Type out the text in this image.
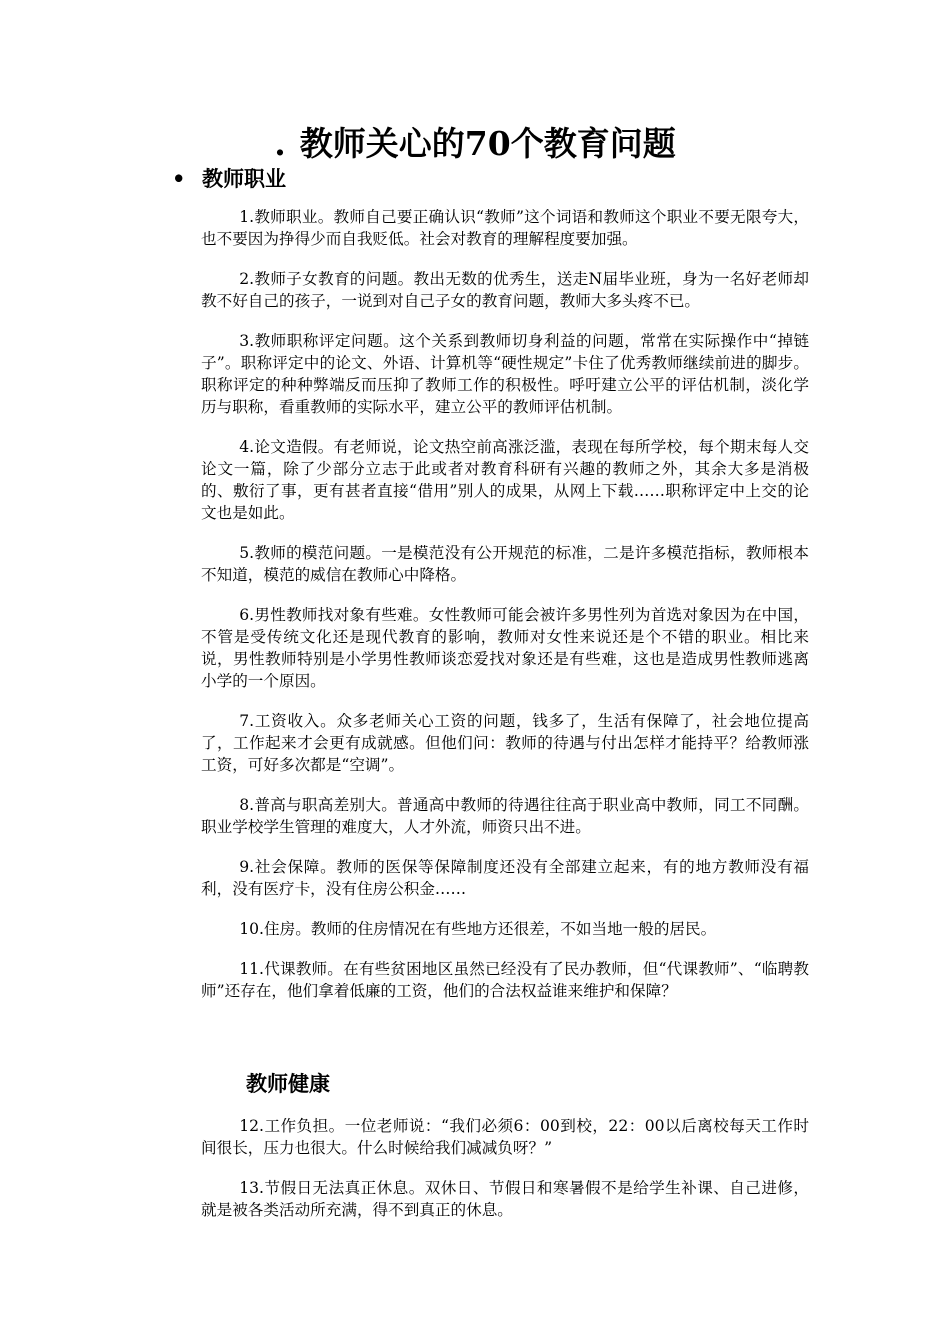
. 教师关心的70个教育问题
• 教师职业

1.教师职业。教师自己要正确认识“教师”这个词语和教师这个职业不要无限夸大，也不要因为挣得少而自我贬低。社会对教育的理解程度要加强。

2.教师子女教育的问题。教出无数的优秀生，送走N届毕业班，身为一名好老师却教不好自己的孩子，一说到对自己子女的教育问题，教师大多头疼不已。

3.教师职称评定问题。这个关系到教师切身利益的问题，常常在实际操作中“掉链子”。职称评定中的论文、外语、计算机等“硬性规定”卡住了优秀教师继续前进的脚步。职称评定的种种弊端反而压抑了教师工作的积极性。呼吁建立公平的评估机制，淡化学历与职称，看重教师的实际水平，建立公平的教师评估机制。

4.论文造假。有老师说，论文热空前高涨泛滥，表现在每所学校，每个期末每人交论文一篇，除了少部分立志于此或者对教育科研有兴趣的教师之外，其余大多是消极的、敷衍了事，更有甚者直接“借用”别人的成果，从网上下载……职称评定中上交的论文也是如此。

5.教师的模范问题。一是模范没有公开规范的标准，二是许多模范指标，教师根本不知道，模范的威信在教师心中降格。

6.男性教师找对象有些难。女性教师可能会被许多男性列为首选对象因为在中国，不管是受传统文化还是现代教育的影响，教师对女性来说还是个不错的职业。相比来说，男性教师特别是小学男性教师谈恋爱找对象还是有些难，这也是造成男性教师逃离小学的一个原因。

7.工资收入。众多老师关心工资的问题，钱多了，生活有保障了，社会地位提高了，工作起来才会更有成就感。但他们问：教师的待遇与付出怎样才能持平？给教师涨工资，可好多次都是“空调”。

8.普高与职高差别大。普通高中教师的待遇往往高于职业高中教师，同工不同酬。职业学校学生管理的难度大，人才外流，师资只出不进。

9.社会保障。教师的医保等保障制度还没有全部建立起来，有的地方教师没有福利，没有医疗卡，没有住房公积金……

10.住房。教师的住房情况在有些地方还很差，不如当地一般的居民。

11.代课教师。在有些贫困地区虽然已经没有了民办教师，但“代课教师”、“临聘教师”还存在，他们拿着低廉的工资，他们的合法权益谁来维护和保障？

教师健康

12.工作负担。一位老师说：“我们必须6：00到校，22：00以后离校每天工作时间很长，压力也很大。什么时候给我们减减负呀？”

13.节假日无法真正休息。双休日、节假日和寒暑假不是给学生补课、自己进修，就是被各类活动所充满，得不到真正的休息。
